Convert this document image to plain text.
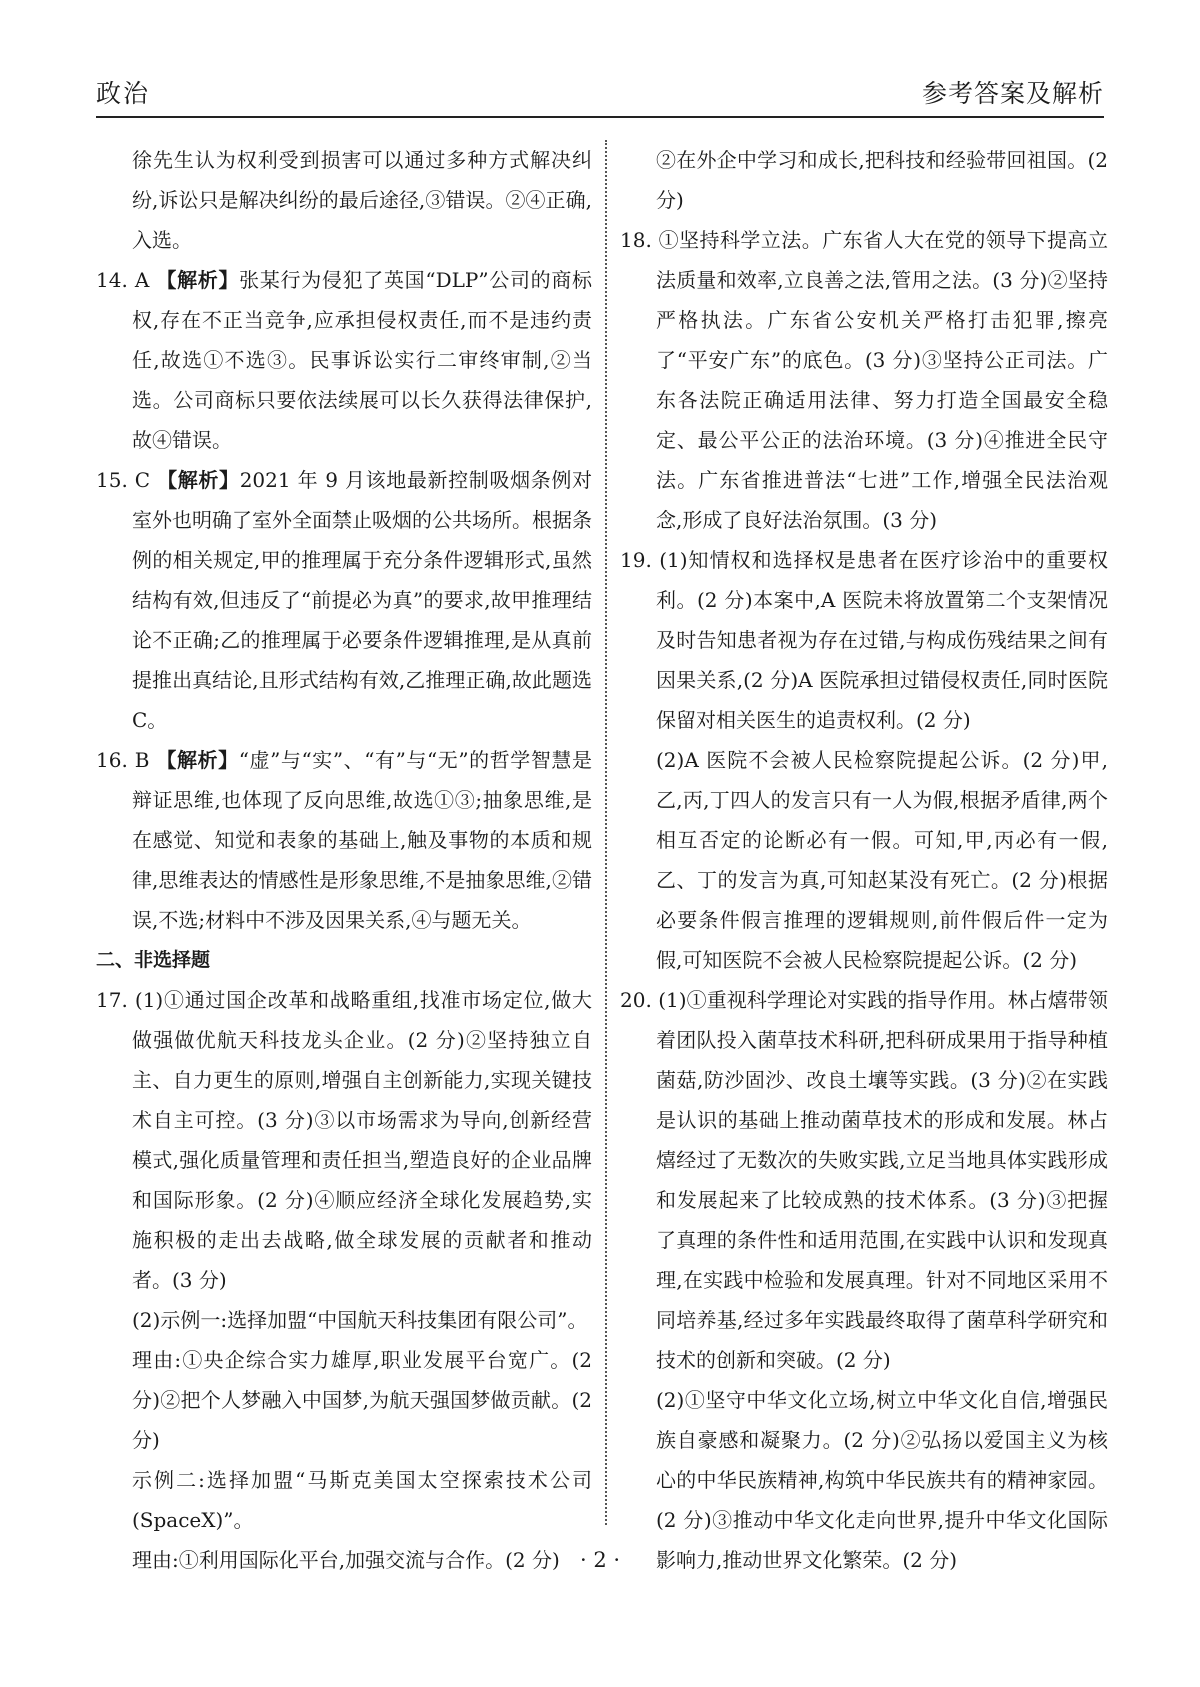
政治	参考答案及解析

徐先生认为权利受到损害可以通过多种方式解决纠纷,诉讼只是解决纠纷的最后途径,③错误。②④正确,入选。

14. A 【解析】张某行为侵犯了英国“DLP”公司的商标权,存在不正当竞争,应承担侵权责任,而不是违约责任,故选①不选③。民事诉讼实行二审终审制,②当选。公司商标只要依法续展可以长久获得法律保护,故④错误。

15. C 【解析】2021 年 9 月该地最新控制吸烟条例对室外也明确了室外全面禁止吸烟的公共场所。根据条例的相关规定,甲的推理属于充分条件逻辑形式,虽然结构有效,但违反了“前提必为真”的要求,故甲推理结论不正确;乙的推理属于必要条件逻辑推理,是从真前提推出真结论,且形式结构有效,乙推理正确,故此题选 C。

16. B 【解析】“虚”与“实”、“有”与“无”的哲学智慧是辩证思维,也体现了反向思维,故选①③;抽象思维,是在感觉、知觉和表象的基础上,触及事物的本质和规律,思维表达的情感性是形象思维,不是抽象思维,②错误,不选;材料中不涉及因果关系,④与题无关。

二、非选择题

17. (1)①通过国企改革和战略重组,找准市场定位,做大做强做优航天科技龙头企业。(2 分)②坚持独立自主、自力更生的原则,增强自主创新能力,实现关键技术自主可控。(3 分)③以市场需求为导向,创新经营模式,强化质量管理和责任担当,塑造良好的企业品牌和国际形象。(2 分)④顺应经济全球化发展趋势,实施积极的走出去战略,做全球发展的贡献者和推动者。(3 分)

(2)示例一:选择加盟“中国航天科技集团有限公司”。

理由:①央企综合实力雄厚,职业发展平台宽广。(2 分)②把个人梦融入中国梦,为航天强国梦做贡献。(2 分)

示例二:选择加盟“马斯克美国太空探索技术公司(SpaceX)”。

理由:①利用国际化平台,加强交流与合作。(2 分)

②在外企中学习和成长,把科技和经验带回祖国。(2 分)

18. ①坚持科学立法。广东省人大在党的领导下提高立法质量和效率,立良善之法,管用之法。(3 分)②坚持严格执法。广东省公安机关严格打击犯罪,擦亮了“平安广东”的底色。(3 分)③坚持公正司法。广东各法院正确适用法律、努力打造全国最安全稳定、最公平公正的法治环境。(3 分)④推进全民守法。广东省推进普法“七进”工作,增强全民法治观念,形成了良好法治氛围。(3 分)

19. (1)知情权和选择权是患者在医疗诊治中的重要权利。(2 分)本案中,A 医院未将放置第二个支架情况及时告知患者视为存在过错,与构成伤残结果之间有因果关系,(2 分)A 医院承担过错侵权责任,同时医院保留对相关医生的追责权利。(2 分)

(2)A 医院不会被人民检察院提起公诉。(2 分)甲,乙,丙,丁四人的发言只有一人为假,根据矛盾律,两个相互否定的论断必有一假。可知,甲,丙必有一假,乙、丁的发言为真,可知赵某没有死亡。(2 分)根据必要条件假言推理的逻辑规则,前件假后件一定为假,可知医院不会被人民检察院提起公诉。(2 分)

20. (1)①重视科学理论对实践的指导作用。林占熺带领着团队投入菌草技术科研,把科研成果用于指导种植菌菇,防沙固沙、改良土壤等实践。(3 分)②在实践是认识的基础上推动菌草技术的形成和发展。林占熺经过了无数次的失败实践,立足当地具体实践形成和发展起来了比较成熟的技术体系。(3 分)③把握了真理的条件性和适用范围,在实践中认识和发现真理,在实践中检验和发展真理。针对不同地区采用不同培养基,经过多年实践最终取得了菌草科学研究和技术的创新和突破。(2 分)

(2)①坚守中华文化立场,树立中华文化自信,增强民族自豪感和凝聚力。(2 分)②弘扬以爱国主义为核心的中华民族精神,构筑中华民族共有的精神家园。(2 分)③推动中华文化走向世界,提升中华文化国际影响力,推动世界文化繁荣。(2 分)

· 2 ·
